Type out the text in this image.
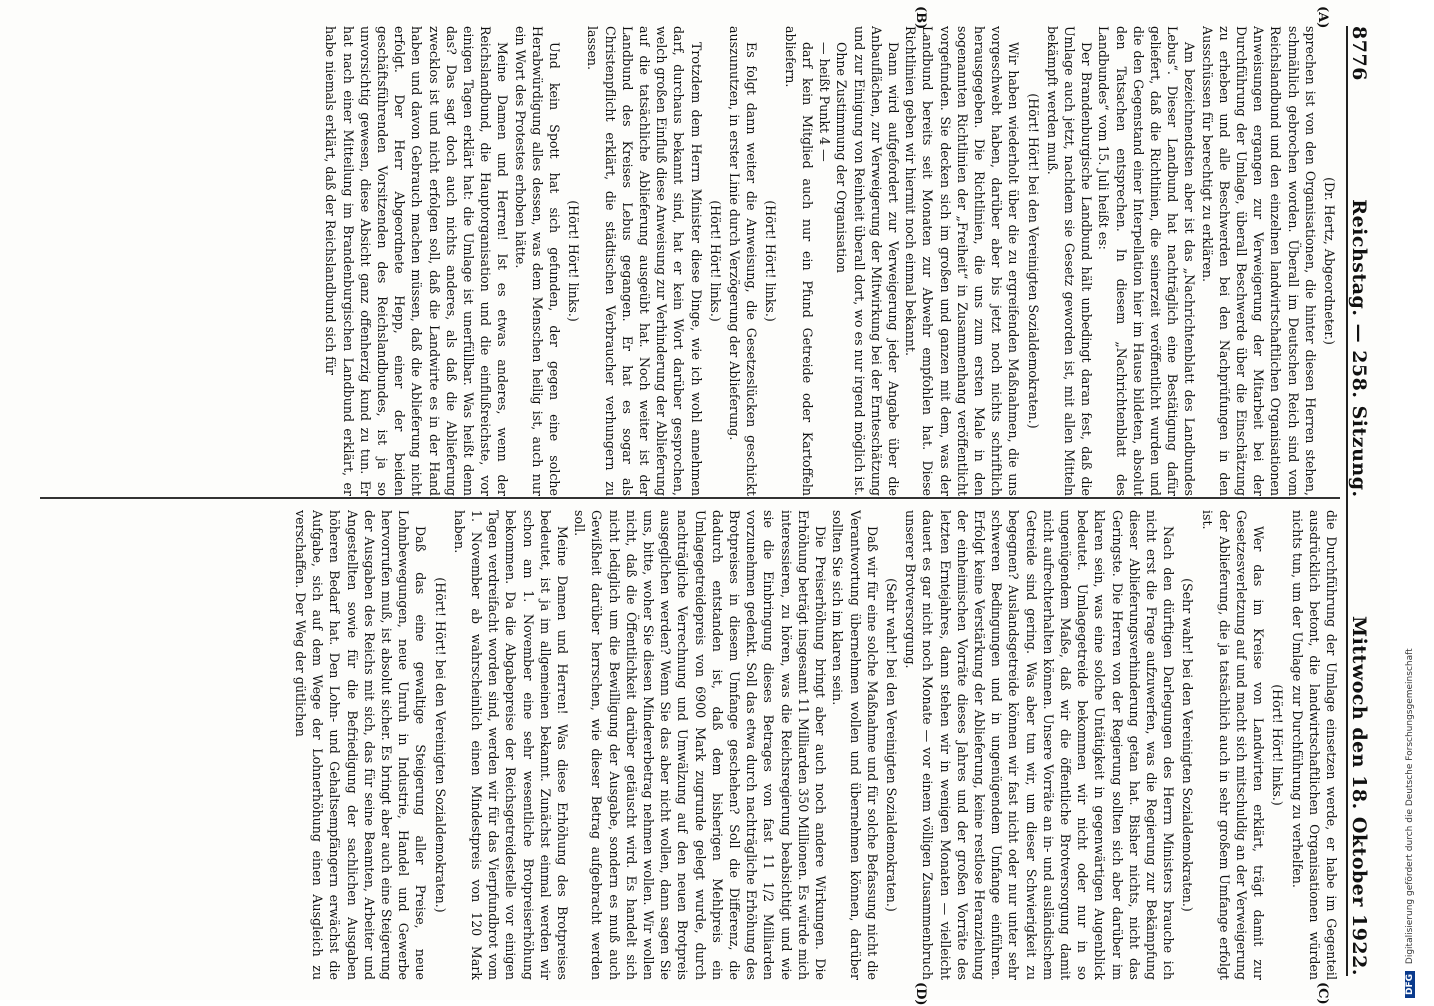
8776
Reichstag. — 258. Sitzung.
Mittwoch den 18. Oktober 1922.
(A)
(B)
(C)
(D)

(Dr. Hertz, Abgeordneter.)

sprechen ist von den Organisationen, die hinter diesen Herren stehen, schmählich gebrochen worden. Überall im Deutschen Reich sind vom Reichslandbund und den einzelnen landwirtschaftlichen Organisationen Anweisungen ergangen zur Verweigerung der Mitarbeit bei der Durchführung der Umlage, überall Beschwerde über die Einschätzung zu erheben und alle Beschwerden bei den Nachprüfungen in den Ausschüssen für berechtigt zu erklären.

Am bezeichnendsten aber ist das „Nachrichtenblatt des Landbundes Lebus“. Dieser Landbund hat nachträglich eine Bestätigung dafür geliefert, daß die Richtlinien, die seinerzeit veröffentlicht wurden und die den Gegenstand einer Interpellation hier im Hause bildeten, absolut den Tatsachen entsprechen. In diesem „Nachrichtenblatt des Landbundes“ vom 15. Juli heißt es:

Der Brandenburgische Landbund hält unbedingt daran fest, daß die Umlage auch jetzt, nachdem sie Gesetz geworden ist, mit allen Mitteln bekämpft werden muß.

(Hört! Hört! bei den Vereinigten Sozialdemokraten.)

Wir haben wiederholt über die zu ergreifenden Maßnahmen, die uns vorgeschwebt haben, darüber aber bis jetzt noch nichts schriftlich herausgegeben. Die Richtlinien, die uns zum ersten Male in den sogenannten Richtlinien der „Freiheit“ in Zusammenhang veröffentlicht vorgefunden. Sie decken sich im großen und ganzen mit dem, was der Landbund bereits seit Monaten zur Abwehr empfohlen hat. Diese Richtlinien geben wir hiermit noch einmal bekannt.

Dann wird aufgefordert zur Verweigerung jeder Angabe über die Anbauflächen, zur Verweigerung der Mitwirkung bei der Ernteschätzung und zur Einigung von Reinheit überall dort, wo es nur irgend möglich ist.

Ohne Zustimmung der Organisation

— heißt Punkt 4 —

darf kein Mitglied auch nur ein Pfund Getreide oder Kartoffeln abliefern.

(Hört! Hört! links.)

Es folgt dann weiter die Anweisung, die Gesetzeslücken geschickt auszunutzen, in erster Linie durch Verzögerung der Ablieferung.

(Hört! Hört! links.)

Trotzdem dem Herrn Minister diese Dinge, wie ich wohl annehmen darf, durchaus bekannt sind, hat er kein Wort darüber gesprochen, welch großen Einfluß diese Anweisung zur Verhinderung der Ablieferung auf die tatsächliche Ablieferung ausgeübt hat. Noch weiter ist der Landbund des Kreises Lebus gegangen. Er hat es sogar als Christenpflicht erklärt, die städtischen Verbraucher verhungern zu lassen.

(Hört! Hört! links.)

Und kein Spott hat sich gefunden, der gegen eine solche Herabwürdigung alles dessen, was dem Menschen heilig ist, auch nur ein Wort des Protestes erhoben hätte.

Meine Damen und Herren! Ist es etwas anderes, wenn der Reichslandbund, die Hauptorganisation und die einflußreichste, vor einigen Tagen erklärt hat: die Umlage ist unerfüllbar. Was heißt denn das? Das sagt doch auch nichts anderes, als daß die Ablieferung zwecklos ist und nicht erfolgen soll, daß die Landwirte es in der Hand haben und davon Gebrauch machen müssen, daß die Ablieferung nicht erfolgt. Der Herr Abgeordnete Hepp, einer der beiden geschäftsführenden Vorsitzenden des Reichslandbundes, ist ja so unvorsichtig gewesen, diese Absicht ganz offenherzig kund zu tun. Er hat nach einer Mitteilung im Brandenburgischen Landbund erklärt, er habe niemals erklärt, daß der Reichslandbund sich für

die Durchführung der Umlage einsetzen werde, er habe im Gegenteil ausdrücklich betont, die landwirtschaftlichen Organisationen würden nichts tun, um der Umlage zur Durchführung zu verhelfen.

(Hört! Hört! links.)

Wer das im Kreise von Landwirten erklärt, trägt damit zur Gesetzesverletzung auf und macht sich mitschuldig an der Verweigerung der Ablieferung, die ja tatsächlich auch in sehr großem Umfange erfolgt ist.

(Sehr wahr! bei den Vereinigten Sozialdemokraten.)

Nach den dürftigen Darlegungen des Herrn Ministers brauche ich nicht erst die Frage aufzuwerfen, was die Regierung zur Bekämpfung dieser Ablieferungsverhinderung getan hat. Bisher nichts, nicht das Geringste. Die Herren von der Regierung sollten sich aber darüber im klaren sein, was eine solche Untätigkeit in gegenwärtigen Augenblick bedeutet. Umlagegetreide bekommen wir nicht oder nur in so ungenügendem Maße, daß wir die öffentliche Brotversorgung damit nicht aufrechterhalten können. Unsere Vorräte an in- und ausländischem Getreide sind gering. Was aber tun wir, um dieser Schwierigkeit zu begegnen? Auslandsgetreide können wir fast nicht oder nur unter sehr schweren Bedingungen und in ungenügendem Umfange einführen. Erfolgt keine Verstärkung der Ablieferung, keine restlose Heranziehung der einheimischen Vorräte dieses Jahres und der großen Vorräte des letzten Erntejahres, dann stehen wir in wenigen Monaten — vielleicht dauert es gar nicht noch Monate — vor einem völligen Zusammenbruch unserer Brotversorgung.

(Sehr wahr! bei den Vereinigten Sozialdemokraten.)

Daß wir für eine solche Maßnahme und für solche Befassung nicht die Verantwortung übernehmen wollen und übernehmen können, darüber sollten Sie sich im klaren sein.

Die Preiserhöhung bringt aber auch noch andere Wirkungen. Die Erhöhung beträgt insgesamt 11 Milliarden 350 Millionen. Es würde mich interessieren, zu hören, was die Reichsregierung beabsichtigt und wie sie die Einbringung dieses Betrages von fast 11 1/2 Milliarden vorzunehmen gedenkt. Soll das etwa durch nachträgliche Erhöhung des Brotpreises in diesem Umfange geschehen? Soll die Differenz, die dadurch entstanden ist, daß dem bisherigen Mehlpreis ein Umlagegetreidepreis von 6900 Mark zugrunde gelegt wurde, durch nachträgliche Verrechnung und Umwälzung auf den neuen Brotpreis ausgeglichen werden? Wenn Sie das aber nicht wollen, dann sagen Sie uns, bitte, woher Sie diesen Mindererbetrag nehmen wollen. Wir wollen nicht, daß die Öffentlichkeit darüber getäuscht wird. Es handelt sich nicht lediglich um die Bewilligung der Ausgabe, sondern es muß auch Gewißheit darüber herrschen, wie dieser Betrag aufgebracht werden soll.

Meine Damen und Herren! Was diese Erhöhung des Brotpreises bedeutet, ist ja im allgemeinen bekannt. Zunächst einmal werden wir schon am 1. November eine sehr wesentliche Brotpreiserhöhung bekommen. Da die Abgabepreise der Reichsgetreidestelle vor einigen Tagen verdreifacht worden sind, werden wir für das Vierpfundbrot vom 1. November ab wahrscheinlich einen Mindestpreis von 120 Mark haben.

(Hört! Hört! bei den Vereinigten Sozialdemokraten.)

Daß das eine gewaltige Steigerung aller Preise, neue Lohnbewegungen, neue Unruh in Industrie, Handel und Gewerbe hervorrufen muß, ist absolut sicher. Es bringt aber auch eine Steigerung der Ausgaben des Reichs mit sich, das für seine Beamten, Arbeiter und Angestellten sowie für die Befriedigung der sachlichen Ausgaben höheren Bedarf hat. Den Lohn- und Gehaltsempfängern erwächst die Aufgabe, sich auf dem Wege der Lohnerhöhung einen Ausgleich zu verschaffen. Der Weg der gütlichen

DFG Digitalisierung gefördert durch die Deutsche Forschungsgemeinschaft
